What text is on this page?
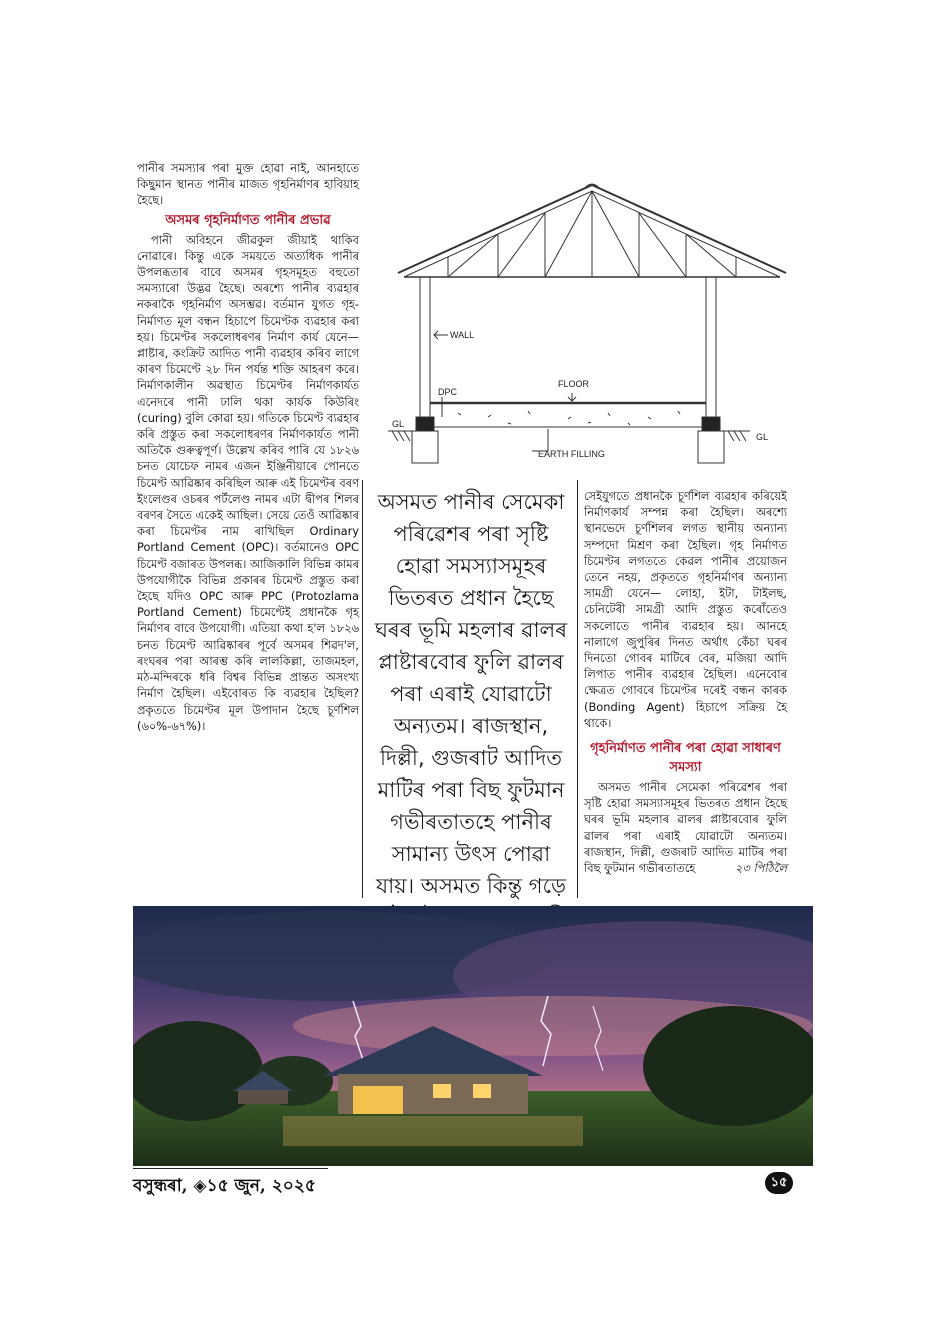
পানীৰ সমস্যাৰ পৰা মুক্ত হোৱা নাই, আনহাতে কিছুমান স্থানত পানীৰ মাজত গৃহনিৰ্মাণৰ হাবিয়াহ হৈছে।

অসমৰ গৃহনিৰ্মাণত পানীৰ প্ৰভাৱ

পানী অবিহনে জীৱকুল জীয়াই থাকিব নোৱাৰে। কিন্তু একে সময়তে অত্যধিক পানীৰ উপলব্ধতাৰ বাবে অসমৰ গৃহসমূহত বহুতো সমস্যাৰো উদ্ভৱ হৈছে। অৰশ্যে পানীৰ ব্যৱহাৰ নকৰাকৈ গৃহনিৰ্মাণ অসম্ভৱ। বৰ্তমান যুগত গৃহ-নিৰ্মাণত মূল বন্ধন হিচাপে চিমেণ্টক ব্যৱহাৰ কৰা হয়। চিমেণ্টৰ সকলোধৰণৰ নিৰ্মাণ কাৰ্য যেনে— প্লাষ্টাৰ, কংক্ৰিট আদিত পানী ব্যৱহাৰ কৰিব লাগে কাৰণ চিমেণ্টে ২৮ দিন পৰ্যন্ত শক্তি আহৰণ কৰে। নিৰ্মাণকালীন অৱস্থাত চিমেণ্টৰ নিৰ্মাণকাৰ্যত এনেদৰে পানী ঢালি থকা কাৰ্যক কিউৰিং (curing) বুলি কোৱা হয়। গতিকে চিমেণ্ট ব্যৱহাৰ কৰি প্ৰস্তুত কৰা সকলোধৰণৰ নিৰ্মাণকাৰ্যত পানী অতিকৈ গুৰুত্বপূৰ্ণ। উল্লেখ কৰিব পাৰি যে ১৮২৬ চনত যোচেফ নামৰ এজন ইঞ্জিনীয়াৰে পোনতে চিমেণ্ট আৱিষ্কাৰ কৰিছিল আৰু এই চিমেণ্টৰ বৰণ ইংলেণ্ডৰ ওচৰৰ পৰ্টলেণ্ড নামৰ এটা দ্বীপৰ শিলৰ বৰণৰ সৈতে একেই আছিল। সেয়ে তেওঁ আৱিষ্কাৰ কৰা চিমেণ্টৰ নাম ৰাখিছিল Ordinary Portland Cement (OPC)। বৰ্তমানেও OPC চিমেণ্ট বজাৰত উপলব্ধ। আজিকালি বিভিন্ন কামৰ উপযোগীকৈ বিভিন্ন প্ৰকাৰৰ চিমেণ্ট প্ৰস্তুত কৰা হৈছে যদিও OPC আৰু PPC (Protozlama Portland Cement) চিমেণ্টেই প্ৰধানকৈ গৃহ নিৰ্মাণৰ বাবে উপযোগী। এতিয়া কথা হ'ল ১৮২৬ চনত চিমেণ্ট আৱিষ্কাৰৰ পূৰ্বে অসমৰ শিৱদ'ল, ৰংঘৰৰ পৰা আৰম্ভ কৰি লালকিল্লা, তাজমহল, মঠ-মন্দিৰকে ধৰি বিশ্বৰ বিভিন্ন প্ৰান্তত অসংখ্য নিৰ্মাণ হৈছিল। এইবোৰত কি ব্যৱহাৰ হৈছিল? প্ৰকৃততে চিমেণ্টৰ মূল উপাদান হৈছে চূৰ্ণশিল (৬০%-৬৭%)।

WALL
FLOOR
DPC
GL
GL
EARTH FILLING
অসমত পানীৰ সেমেকা পৰিৱেশৰ পৰা সৃষ্টি হোৱা সমস্যাসমূহৰ ভিতৰত প্ৰধান হৈছে ঘৰৰ ভূমি মহলাৰ ৱালৰ প্লাষ্টাৰবোৰ ফুলি ৱালৰ পৰা এৰাই যোৱাটো অন্যতম। ৰাজস্থান, দিল্লী, গুজৰাট আদিত মাটিৰ পৰা বিছ ফুটমান গভীৰতাতহে পানীৰ সামান্য উৎস পোৱা যায়। অসমত কিন্তু গড়ে

সেইযুগতে প্ৰধানকৈ চূৰ্ণশিল ব্যৱহাৰ কৰিয়েই নিৰ্মাণকাৰ্য সম্পন্ন কৰা হৈছিল। অৰশ্যে স্থানভেদে চূৰ্ণশিলৰ লগত স্থানীয় অন্যান্য সম্পদো মিশ্ৰণ কৰা হৈছিল। গৃহ নিৰ্মাণত চিমেণ্টৰ লগততে কেৱল পানীৰ প্ৰয়োজন তেনে নহয়, প্ৰকৃততে গৃহনিৰ্মাণৰ অন্যান্য সামগ্ৰী যেনে— লোহা, ইটা, টাইলছ, চেনিটেৰী সামগ্ৰী আদি প্ৰস্তুত কৰোঁতেও সকলোতে পানীৰ ব্যৱহাৰ হয়। আনহে নালাগে জুপুৰিৰ দিনত অৰ্থাৎ কেঁচা ঘৰৰ দিনতো গোবৰ মাটিৰে বেৰ, মজিয়া আদি লিপাত পানীৰ ব্যৱহাৰ হৈছিল। এনেবোৰ ক্ষেত্ৰত গোবৰে চিমেণ্টৰ দৰেই বন্ধন কাৰক (Bonding Agent) হিচাপে সক্ৰিয় হৈ থাকে।

গৃহনিৰ্মাণত পানীৰ পৰা হোৱা সাধাৰণ সমস্যা

অসমত পানীৰ সেমেকা পৰিৱেশৰ পৰা সৃষ্টি হোৱা সমস্যাসমূহৰ ভিতৰত প্ৰধান হৈছে ঘৰৰ ভূমি মহলাৰ ৱালৰ প্লাষ্টাৰবোৰ ফুলি ৱালৰ পৰা এৰাই যোৱাটো অন্যতম। ৰাজস্থান, দিল্লী, গুজৰাট আদিত মাটিৰ পৰা বিছ ফুটমান গভীৰতাতহে	২৩ পিঠিলৈ
বসুন্ধৰা, ◈১৫ জুন, ২০২৫	১৫
